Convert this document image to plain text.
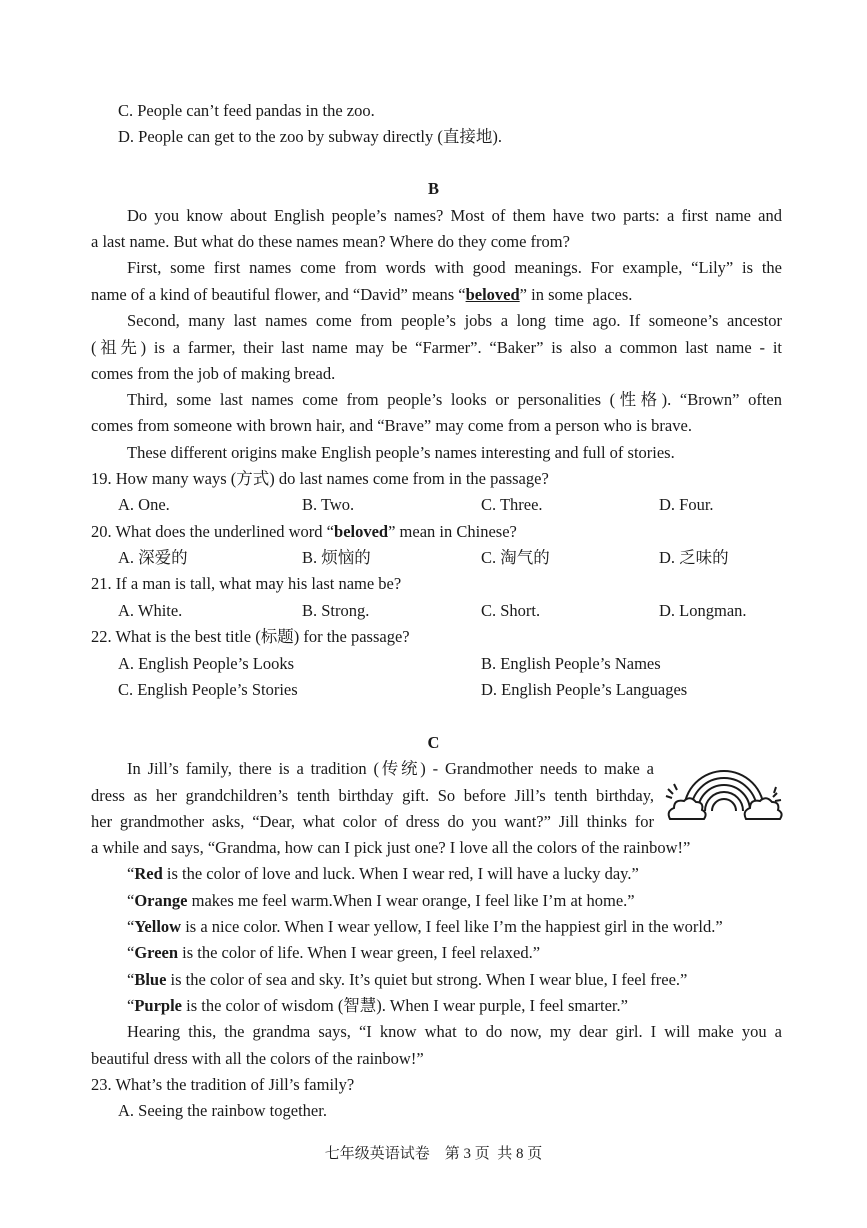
C. People can’t feed pandas in the zoo.
D. People can get to the zoo by subway directly (直接地).
B
Do you know about English people’s names? Most of them have two parts: a first name and
a last name. But what do these names mean? Where do they come from?
First, some first names come from words with good meanings. For example, “Lily” is the
name of a kind of beautiful flower, and “David” means “beloved” in some places.
Second, many last names come from people’s jobs a long time ago. If someone’s ancestor
(祖先) is a farmer, their last name may be “Farmer”. “Baker” is also a common last name - it
comes from the job of making bread.
Third, some last names come from people’s looks or personalities (性格). “Brown” often
comes from someone with brown hair, and “Brave” may come from a person who is brave.
These different origins make English people’s names interesting and full of stories.
19. How many ways (方式) do last names come from in the passage?
A. One.	B. Two.	C. Three.	D. Four.
20. What does the underlined word “beloved” mean in Chinese?
A. 深爱的	B. 烦恼的	C. 淘气的	D. 乏味的
21. If a man is tall, what may his last name be?
A. White.	B. Strong.	C. Short.	D. Longman.
22. What is the best title (标题) for the passage?
A. English People’s Looks	B. English People’s Names
C. English People’s Stories	D. English People’s Languages
C
In Jill’s family, there is a tradition (传统) - Grandmother needs to make a
dress as her grandchildren’s tenth birthday gift. So before Jill’s tenth birthday,
her grandmother asks, “Dear, what color of dress do you want?” Jill thinks for
a while and says, “Grandma, how can I pick just one? I love all the colors of the rainbow!”
“Red is the color of love and luck. When I wear red, I will have a lucky day.”
“Orange makes me feel warm.When I wear orange, I feel like I’m at home.”
“Yellow is a nice color. When I wear yellow, I feel like I’m the happiest girl in the world.”
“Green is the color of life. When I wear green, I feel relaxed.”
“Blue is the color of sea and sky. It’s quiet but strong. When I wear blue, I feel free.”
“Purple is the color of wisdom (智慧). When I wear purple, I feel smarter.”
Hearing this, the grandma says, “I know what to do now, my dear girl. I will make you a
beautiful dress with all the colors of the rainbow!”
23. What’s the tradition of Jill’s family?
A. Seeing the rainbow together.
七年级英语试卷 第 3 页  共 8 页
